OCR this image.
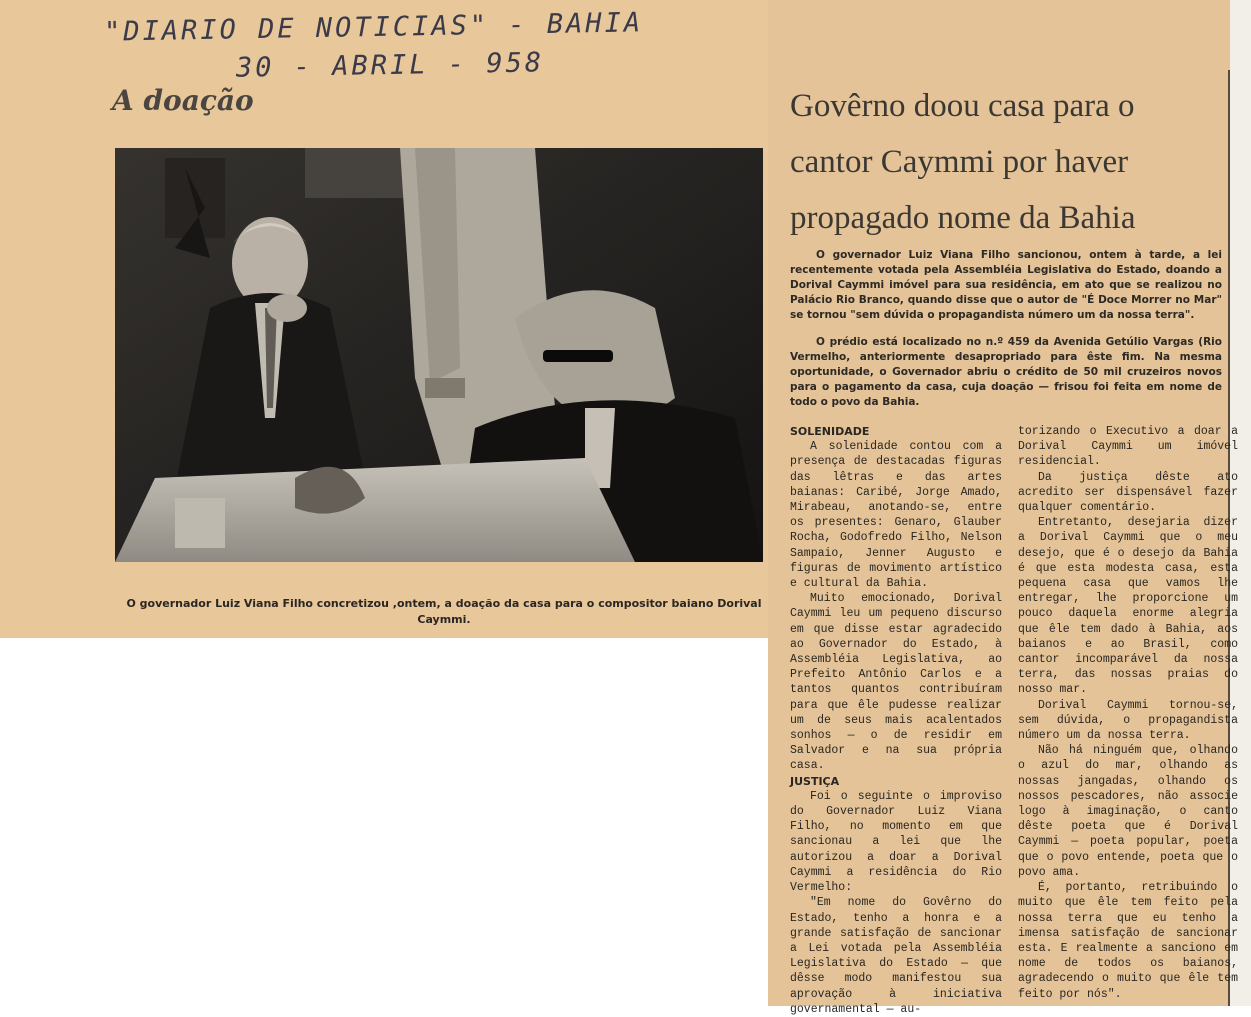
"DIARIO DE NOTICIAS" - BAHIA
30 - ABRIL - 958
A doação
O governador Luiz Viana Filho concretizou ,ontem, a doação da casa para o compositor baiano Dorival Caymmi.
Govêrno doou casa para o
cantor Caymmi por haver
propagado nome da Bahia

O governador Luiz Viana Filho sancionou, ontem à tarde, a lei recentemente votada pela Assembléia Legislativa do Estado, doando a Dorival Caymmi imóvel para sua residência, em ato que se realizou no Palácio Rio Branco, quando disse que o autor de "É Doce Morrer no Mar" se tornou "sem dúvida o propagandista número um da nossa terra".

O prédio está localizado no n.º 459 da Avenida Getúlio Vargas (Rio Vermelho, anteriormente desapropriado para êste fim. Na mesma oportunidade, o Governador abriu o crédito de 50 mil cruzeiros novos para o pagamento da casa, cuja doação — frisou foi feita em nome de todo o povo da Bahia.

SOLENIDADE

A solenidade contou com a presença de destacadas figuras das lêtras e das artes baianas: Caribé, Jorge Amado, Mirabeau, anotando-se, entre os presentes: Genaro, Glauber Rocha, Godofredo Filho, Nelson Sampaio, Jenner Augusto e figuras de movimento artístico e cultural da Bahia.

Muito emocionado, Dorival Caymmi leu um pequeno discurso em que disse estar agradecido ao Governador do Estado, à Assembléia Legislativa, ao Prefeito Antônio Carlos e a tantos quantos contribuíram para que êle pudesse realizar um de seus mais acalentados sonhos — o de residir em Salvador e na sua própria casa.

JUSTIÇA

Foi o seguinte o improviso do Governador Luiz Viana Filho, no momento em que sancionau a lei que lhe autorizou a doar a Dorival Caymmi a residência do Rio Vermelho:

"Em nome do Govêrno do Estado, tenho a honra e a grande satisfação de sancionar a Lei votada pela Assembléia Legislativa do Estado — que dêsse modo manifestou sua aprovação à iniciativa governamental — au-

torizando o Executivo a doar a Dorival Caymmi um imóvel residencial.

Da justiça dêste ato acredito ser dispensável fazer qualquer comentário.

Entretanto, desejaria dizer a Dorival Caymmi que o meu desejo, que é o desejo da Bahia é que esta modesta casa, esta pequena casa que vamos lhe entregar, lhe proporcione um pouco daquela enorme alegria que êle tem dado à Bahia, aos baianos e ao Brasil, como cantor incomparável da nossa terra, das nossas praias do nosso mar.

Dorival Caymmi tornou-se, sem dúvida, o propagandista número um da nossa terra.

Não há ninguém que, olhando o azul do mar, olhando as nossas jangadas, olhando os nossos pescadores, não associe logo à imaginação, o canto dêste poeta que é Dorival Caymmi — poeta popular, poeta que o povo entende, poeta que o povo ama.

É, portanto, retribuindo o muito que êle tem feito pela nossa terra que eu tenho a imensa satisfação de sancionar esta. E realmente a sanciono em nome de todos os baianos, agradecendo o muito que êle tem feito por nós".
